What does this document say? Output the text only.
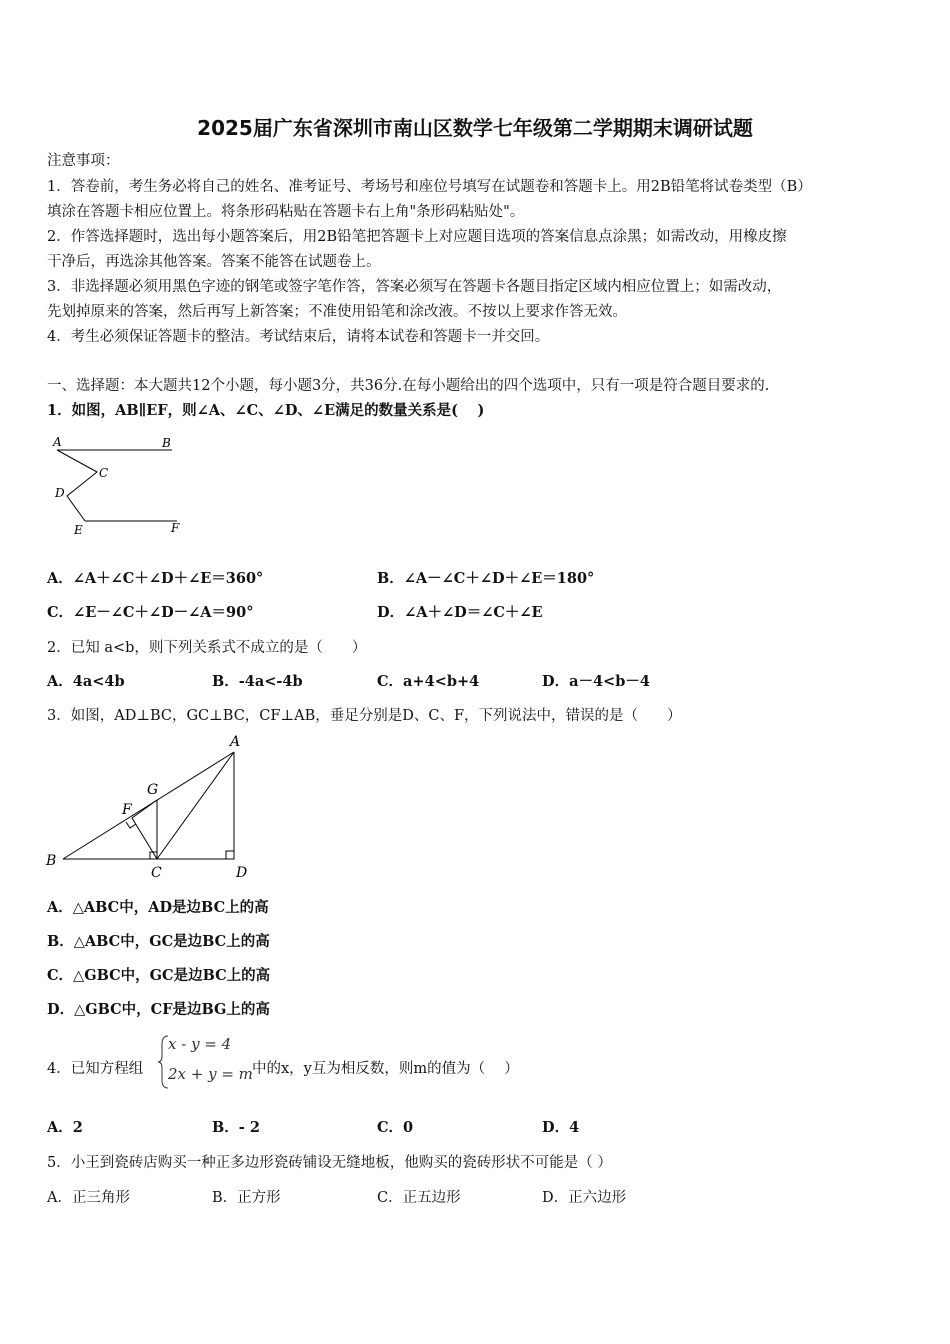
2025届广东省深圳市南山区数学七年级第二学期期末调研试题
注意事项：
1．答卷前，考生务必将自己的姓名、准考证号、考场号和座位号填写在试题卷和答题卡上。用2B铅笔将试卷类型（B）
填涂在答题卡相应位置上。将条形码粘贴在答题卡右上角"条形码粘贴处"。
2．作答选择题时，选出每小题答案后，用2B铅笔把答题卡上对应题目选项的答案信息点涂黑；如需改动，用橡皮擦
干净后，再选涂其他答案。答案不能答在试题卷上。
3．非选择题必须用黑色字迹的钢笔或签字笔作答，答案必须写在答题卡各题目指定区域内相应位置上；如需改动，
先划掉原来的答案，然后再写上新答案；不准使用铅笔和涂改液。不按以上要求作答无效。
4．考生必须保证答题卡的整洁。考试结束后，请将本试卷和答题卡一并交回。
一、选择题：本大题共12个小题，每小题3分，共36分.在每小题给出的四个选项中，只有一项是符合题目要求的.
1．如图，AB∥EF，则∠A、∠C、∠D、∠E满足的数量关系是(　 )
A	B
C
D
E	F
A．∠A＋∠C＋∠D＋∠E＝360°	B．∠A－∠C＋∠D＋∠E＝180°
C．∠E－∠C＋∠D－∠A＝90°	D．∠A＋∠D＝∠C＋∠E
2．已知 a<b，则下列关系式不成立的是（　　）
A．4a<4b	B．-4a<-4b	C．a+4<b+4	D．a－4<b－4
3．如图，AD⊥BC，GC⊥BC，CF⊥AB，垂足分别是D、C、F，下列说法中，错误的是（　　）
A
B
C	D
F
G
A．△ABC中，AD是边BC上的高
B．△ABC中，GC是边BC上的高
C．△GBC中，GC是边BC上的高
D．△GBC中，CF是边BG上的高
4．已知方程组
x - y = 4
2x + y = m 中的x，y互为相反数，则m的值为（　 ）
A．2	B．- 2	C．0	D．4
5．小王到瓷砖店购买一种正多边形瓷砖铺设无缝地板，他购买的瓷砖形状不可能是（ ）
A．正三角形	B．正方形	C．正五边形	D．正六边形
